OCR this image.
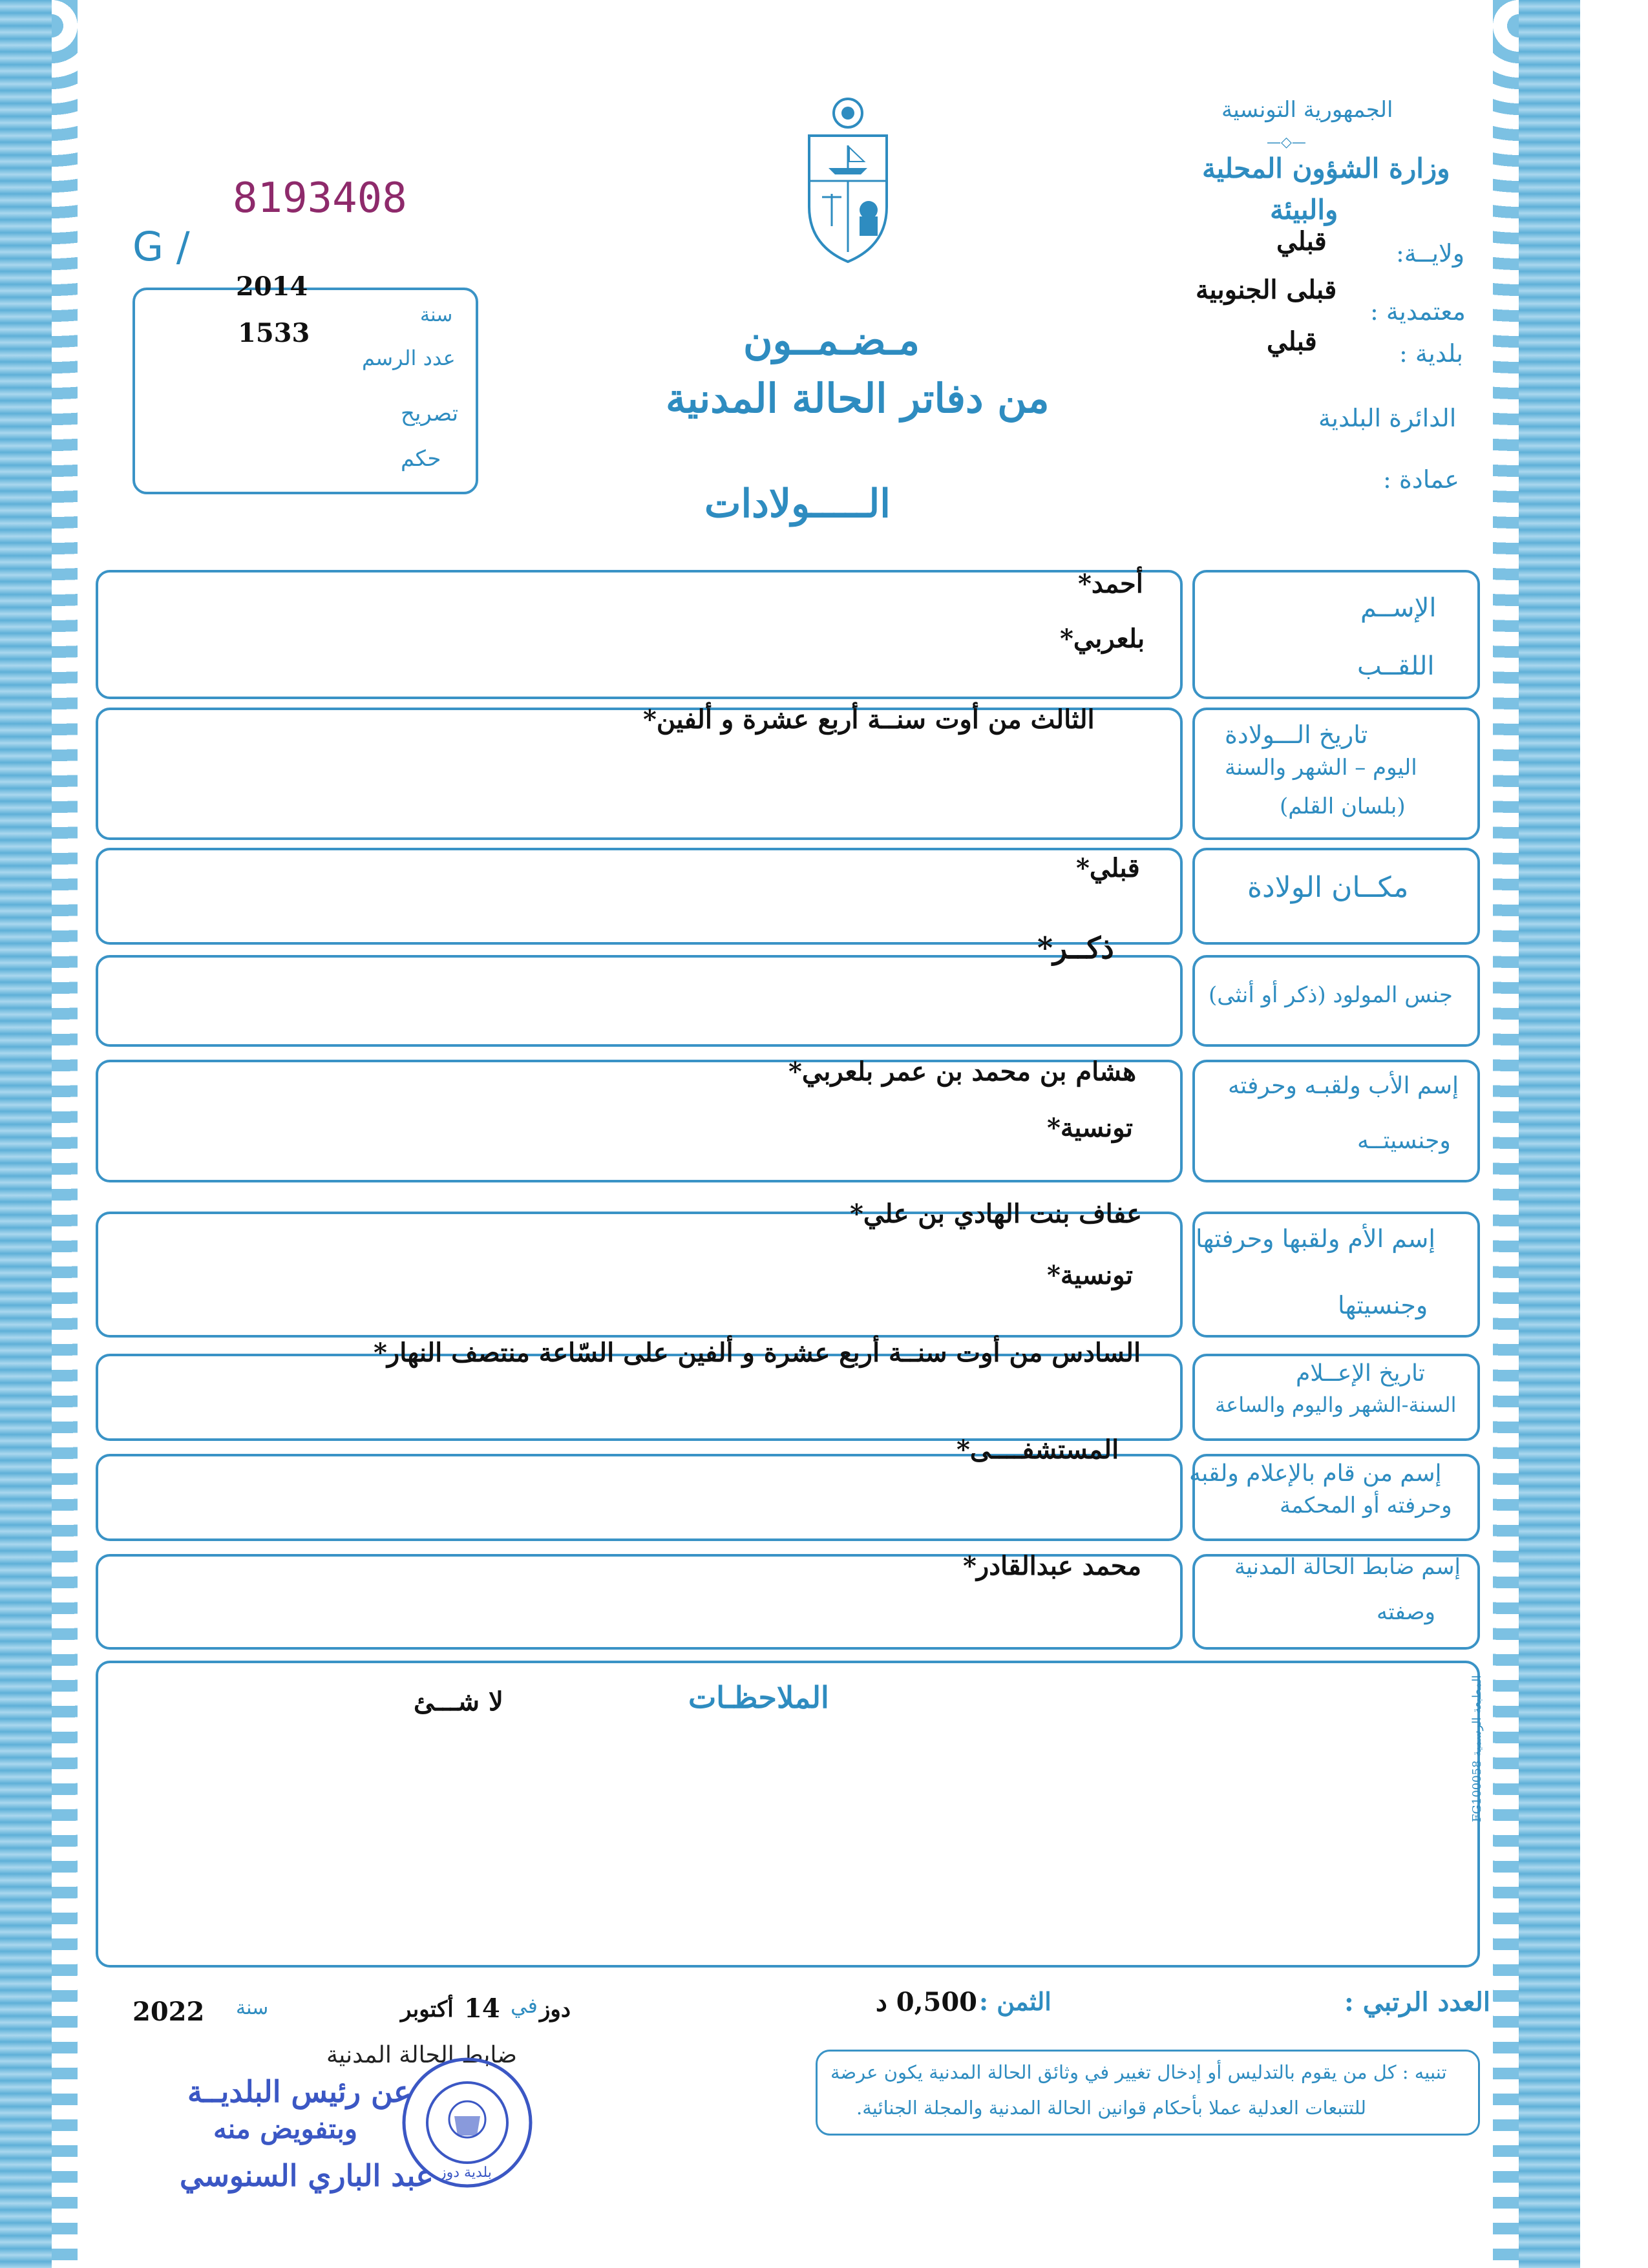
الجمهورية التونسية
—◇—
وزارة الشؤون المحلية
والبيئة
ولايــة:
قبلي
معتمدية :
قبلى الجنوبية
بلدية :
قبلي
الدائرة البلدية
عمادة :
8193408
G /
2014
سنة
1533
عدد الرسم
تصريح
حكم
مـضـمــون
من دفاتر الحالة المدنية
الـــــولادات
الإســم
اللقــب
أحمد*
بلعربي*
تاريخ الـــولادة
اليوم – الشهر والسنة
(بلسان القلم)
الثالث من أوت سنــة أربع عشرة و ألفين*
مكــان الولادة
قبلي*
جنس المولود (ذكر أو أنثى)
ذكــر*
إسم الأب ولقبـه وحرفته
وجنسيتــه
هشام بن محمد بن عمر بلعربي*
تونسية*
إسم الأم ولقبها وحرفتها
وجنسيتها
عفاف بنت الهادي بن علي*
تونسية*
تاريخ الإعــلام
السنة-الشهر واليوم والساعة
السادس من أوت سنــة أربع عشرة و ألفين على السّاعة منتصف النهار*
إسم من قام بالإعلام ولقبه
وحرفته أو المحكمة
المستشفــــى*
إسم ضابط الحالة المدنية
وصفته
محمد عبدالقادر*
الملاحظـات
لا شـــئ
المطبعة الرسمية FG100058
العدد الرتبي :
الثمن :
0,500 د
دوز
في
14
أكتوبر
سنة
2022
ضابط الحالة المدنية
عن رئيس البلديــة
وبتفويض منه
عبد الباري السنوسي بلدية دوز
تنبيه : كل من يقوم بالتدليس أو إدخال تغيير في وثائق الحالة المدنية يكون عرضة
للتتبعات العدلية عملا بأحكام قوانين الحالة المدنية والمجلة الجنائية.
